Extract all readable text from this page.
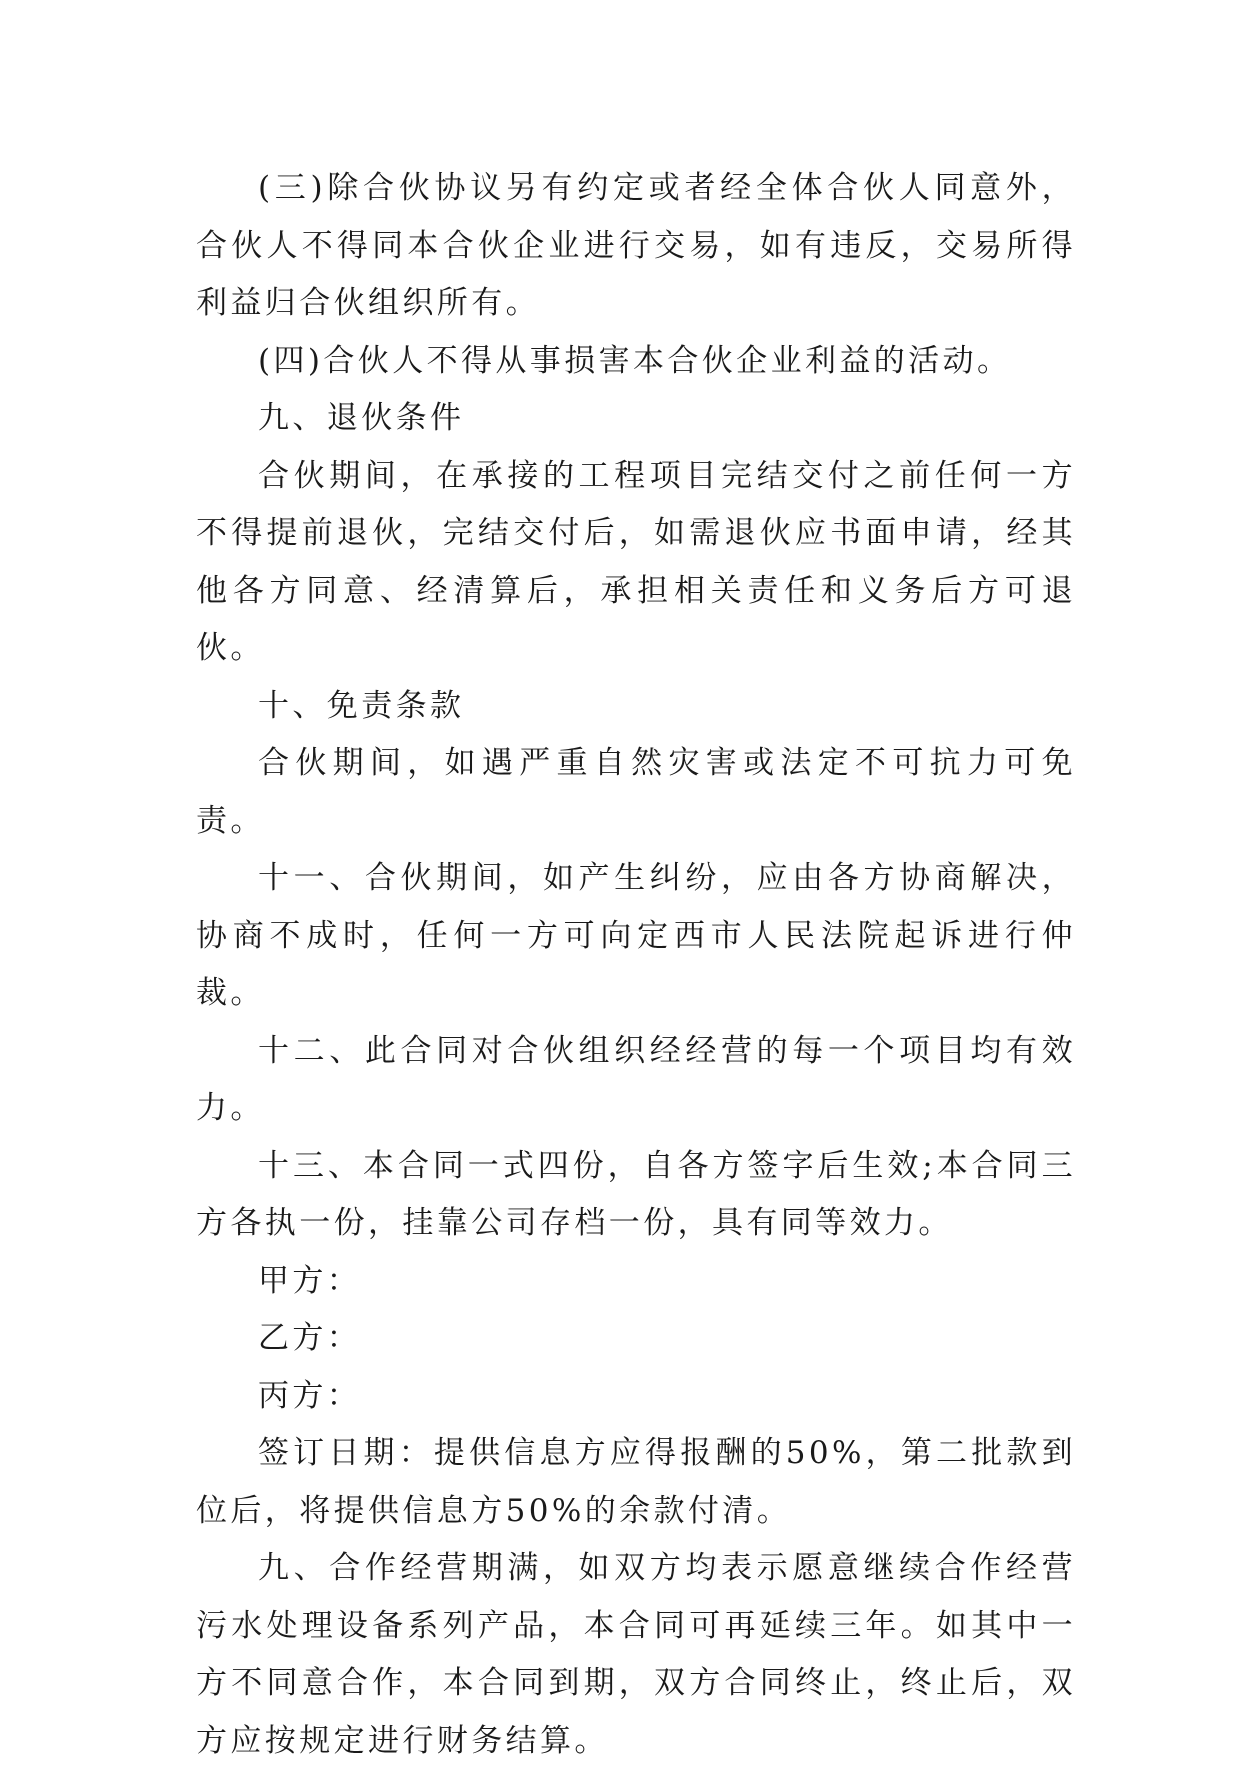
(三)除合伙协议另有约定或者经全体合伙人同意外，合伙人不得同本合伙企业进行交易，如有违反，交易所得利益归合伙组织所有。

(四)合伙人不得从事损害本合伙企业利益的活动。

九、退伙条件

合伙期间，在承接的工程项目完结交付之前任何一方不得提前退伙，完结交付后，如需退伙应书面申请，经其他各方同意、经清算后，承担相关责任和义务后方可退伙。

十、免责条款

合伙期间，如遇严重自然灾害或法定不可抗力可免责。

十一、合伙期间，如产生纠纷，应由各方协商解决，协商不成时，任何一方可向定西市人民法院起诉进行仲裁。

十二、此合同对合伙组织经经营的每一个项目均有效力。

十三、本合同一式四份，自各方签字后生效;本合同三方各执一份，挂靠公司存档一份，具有同等效力。

甲方：

乙方：

丙方：

签订日期：提供信息方应得报酬的50%，第二批款到位后，将提供信息方50%的余款付清。

九、合作经营期满，如双方均表示愿意继续合作经营污水处理设备系列产品，本合同可再延续三年。如其中一方不同意合作，本合同到期，双方合同终止，终止后，双方应按规定进行财务结算。
